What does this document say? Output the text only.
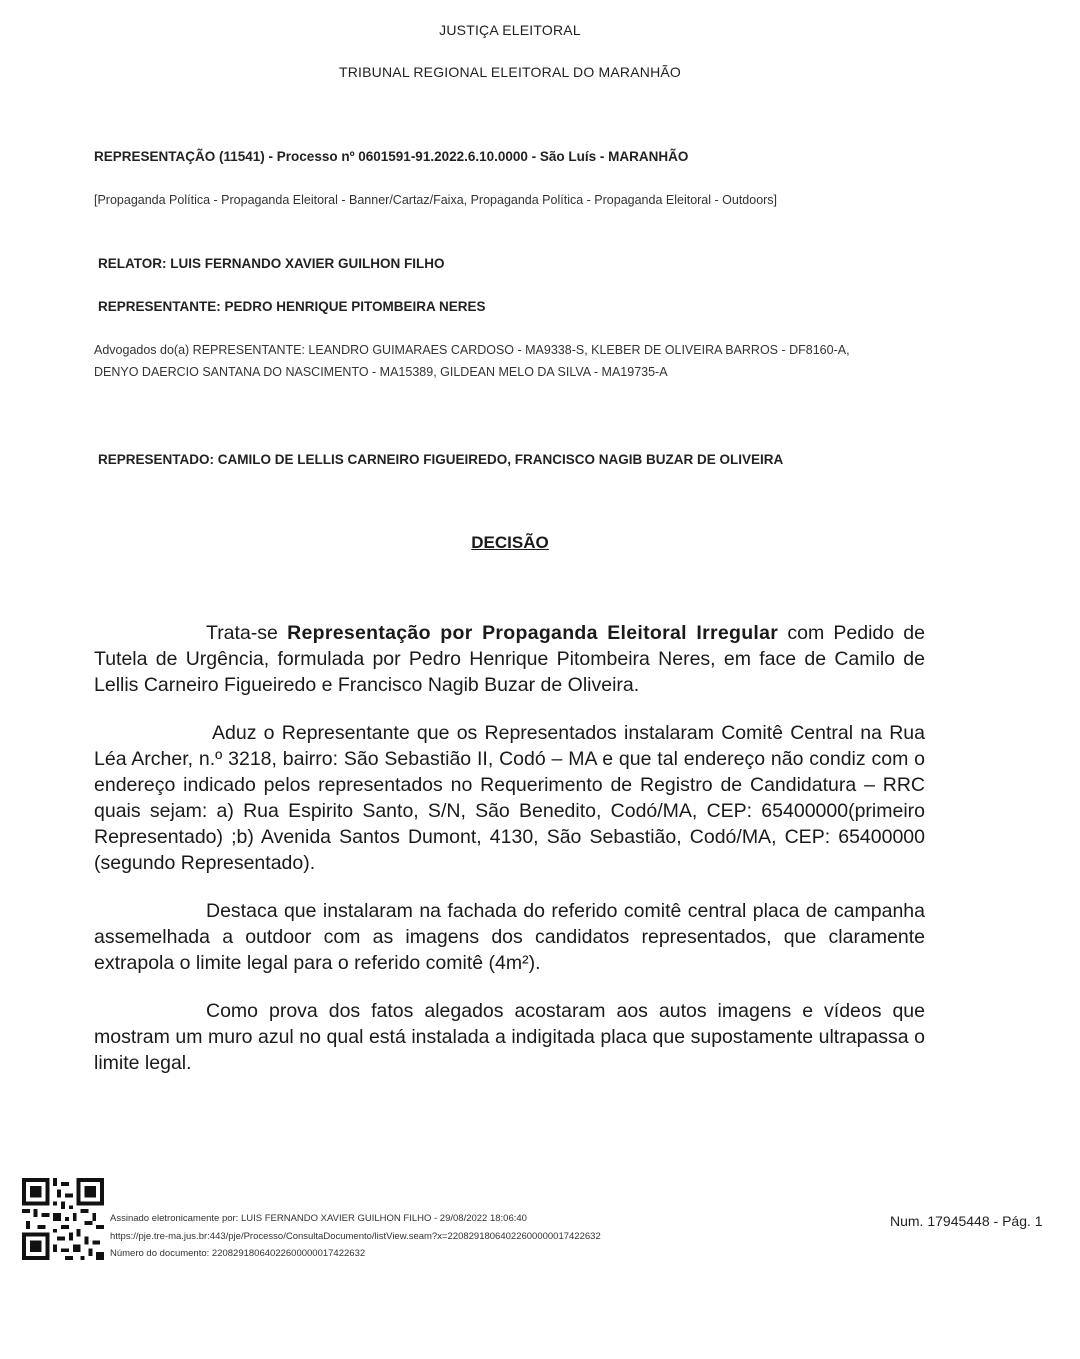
JUSTIÇA ELEITORAL
TRIBUNAL REGIONAL ELEITORAL DO MARANHÃO
REPRESENTAÇÃO (11541) - Processo nº 0601591-91.2022.6.10.0000 - São Luís - MARANHÃO
[Propaganda Política - Propaganda Eleitoral - Banner/Cartaz/Faixa, Propaganda Política - Propaganda Eleitoral - Outdoors]
RELATOR: LUIS FERNANDO XAVIER GUILHON FILHO
REPRESENTANTE: PEDRO HENRIQUE PITOMBEIRA NERES
Advogados do(a) REPRESENTANTE: LEANDRO GUIMARAES CARDOSO - MA9338-S, KLEBER DE OLIVEIRA BARROS - DF8160-A, DENYO DAERCIO SANTANA DO NASCIMENTO - MA15389, GILDEAN MELO DA SILVA - MA19735-A
REPRESENTADO: CAMILO DE LELLIS CARNEIRO FIGUEIREDO, FRANCISCO NAGIB BUZAR DE OLIVEIRA
DECISÃO
Trata-se Representação por Propaganda Eleitoral Irregular com Pedido de Tutela de Urgência, formulada por Pedro Henrique Pitombeira Neres, em face de Camilo de Lellis Carneiro Figueiredo e Francisco Nagib Buzar de Oliveira.
Aduz o Representante que os Representados instalaram Comitê Central na Rua Léa Archer, n.º 3218, bairro: São Sebastião II, Codó – MA e que tal endereço não condiz com o endereço indicado pelos representados no Requerimento de Registro de Candidatura – RRC quais sejam: a) Rua Espirito Santo, S/N, São Benedito, Codó/MA, CEP: 65400000(primeiro Representado) ;b) Avenida Santos Dumont, 4130, São Sebastião, Codó/MA, CEP: 65400000 (segundo Representado).
Destaca que instalaram na fachada do referido comitê central placa de campanha assemelhada a outdoor com as imagens dos candidatos representados, que claramente extrapola o limite legal para o referido comitê (4m²).
Como prova dos fatos alegados acostaram aos autos imagens e vídeos que mostram um muro azul no qual está instalada a indigitada placa que supostamente ultrapassa o limite legal.
Assinado eletronicamente por: LUIS FERNANDO XAVIER GUILHON FILHO - 29/08/2022 18:06:40
https://pje.tre-ma.jus.br:443/pje/Processo/ConsultaDocumento/listView.seam?x=22082918064022600000017422632
Número do documento: 22082918064022600000017422632
Num. 17945448 - Pág. 1
